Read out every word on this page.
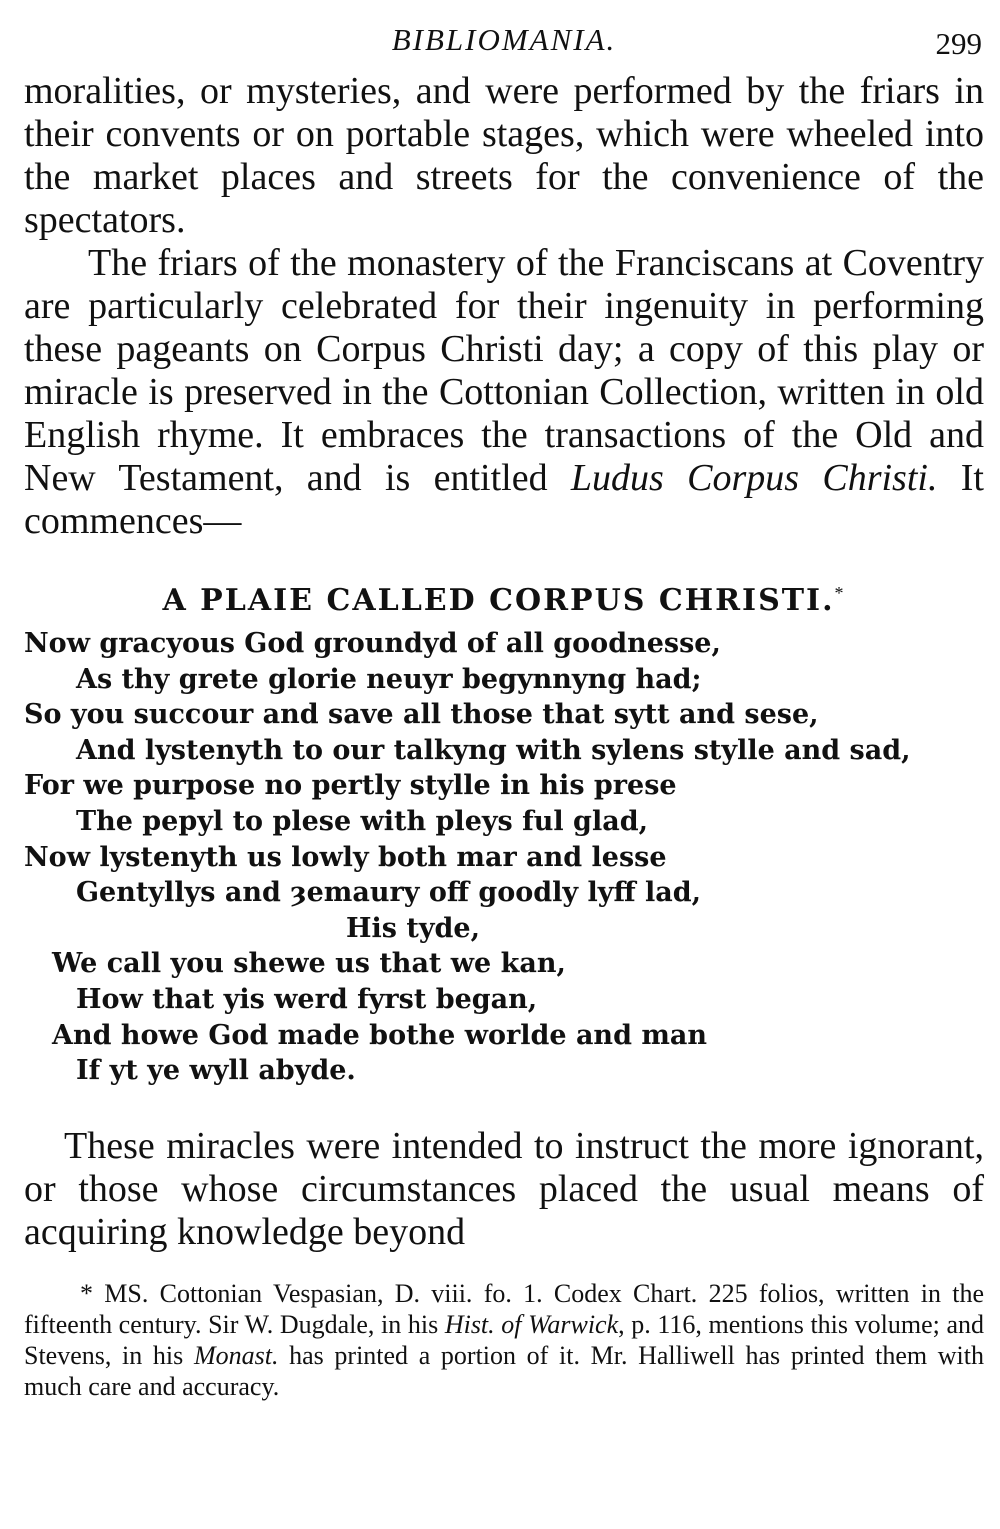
BIBLIOMANIA.	299

moralities, or mysteries, and were performed by the friars in their convents or on portable stages, which were wheeled into the market places and streets for the convenience of the spectators.

The friars of the monastery of the Franciscans at Coventry are particularly celebrated for their ingenuity in performing these pageants on Corpus Christi day; a copy of this play or miracle is preserved in the Cottonian Collection, written in old English rhyme. It embraces the transactions of the Old and New Testament, and is entitled Ludus Corpus Christi. It commences—

A PLAIE CALLED CORPUS CHRISTI.*
Now gracyous God groundyd of all goodnesse,
As thy grete glorie neuyr begynnyng had;
So you succour and save all those that sytt and sese,
And lystenyth to our talkyng with sylens stylle and sad,
For we purpose no pertly stylle in his prese
The pepyl to plese with pleys ful glad,
Now lystenyth us lowly both mar and lesse
Gentyllys and ȝemaury off goodly lyff lad,
His tyde,
We call you shewe us that we kan,
How that yis werd fyrst began,
And howe God made bothe worlde and man
If yt ye wyll abyde.

These miracles were intended to instruct the more ignorant, or those whose circumstances placed the usual means of acquiring knowledge beyond

* MS. Cottonian Vespasian, D. viii. fo. 1. Codex Chart. 225 folios, written in the fifteenth century. Sir W. Dugdale, in his Hist. of Warwick, p. 116, mentions this volume; and Stevens, in his Monast. has printed a portion of it. Mr. Halliwell has printed them with much care and accuracy.
